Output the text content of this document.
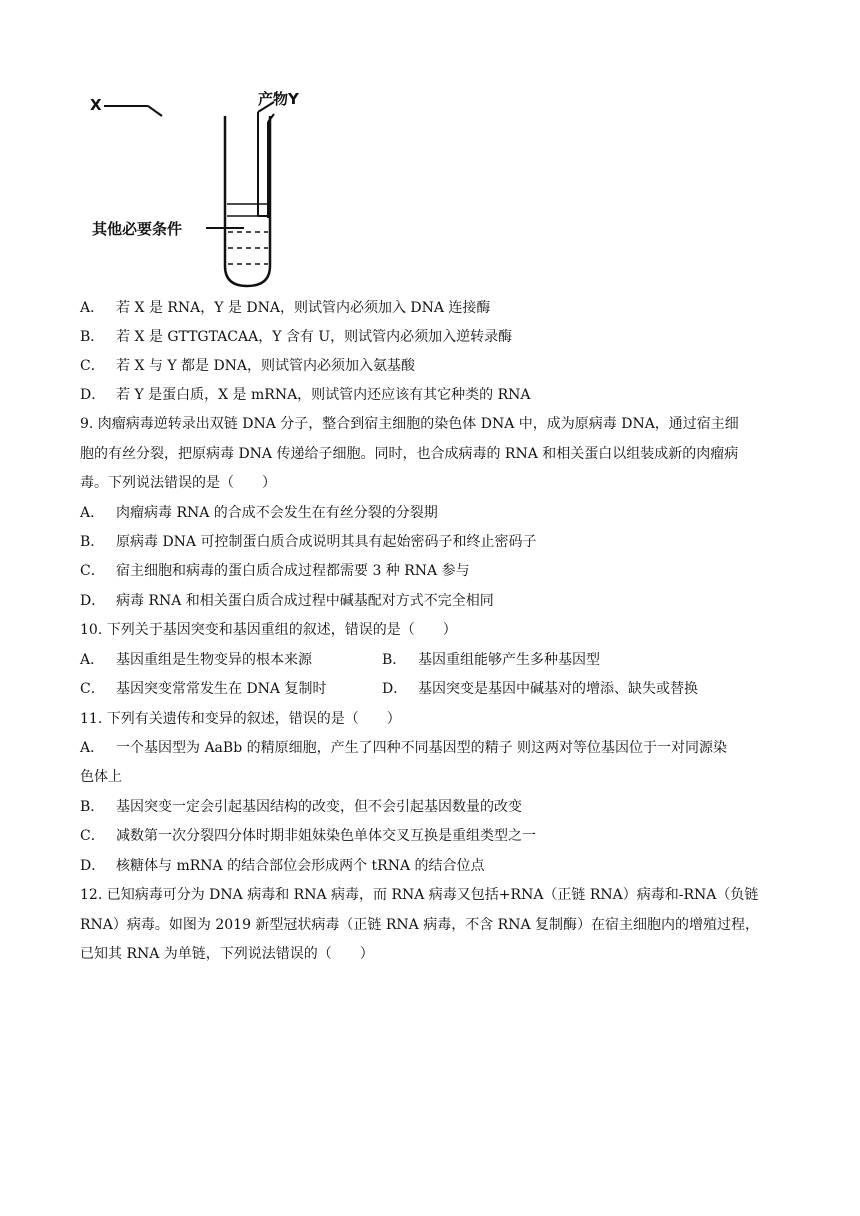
X	产物Y
其他必要条件
A． 若 X 是 RNA，Y 是 DNA，则试管内必须加入 DNA 连接酶
B． 若 X 是 GTTGTACAA，Y 含有 U，则试管内必须加入逆转录酶
C． 若 X 与 Y 都是 DNA，则试管内必须加入氨基酸
D． 若 Y 是蛋白质，X 是 mRNA，则试管内还应该有其它种类的 RNA
9. 肉瘤病毒逆转录出双链 DNA 分子，整合到宿主细胞的染色体 DNA 中，成为原病毒 DNA，通过宿主细
胞的有丝分裂，把原病毒 DNA 传递给子细胞。同时，也合成病毒的 RNA 和相关蛋白以组装成新的肉瘤病
毒。下列说法错误的是（　　）
A． 肉瘤病毒 RNA 的合成不会发生在有丝分裂的分裂期
B． 原病毒 DNA 可控制蛋白质合成说明其具有起始密码子和终止密码子
C． 宿主细胞和病毒的蛋白质合成过程都需要 3 种 RNA 参与
D． 病毒 RNA 和相关蛋白质合成过程中碱基配对方式不完全相同
10. 下列关于基因突变和基因重组的叙述，错误的是（　　）
A． 基因重组是生物变异的根本来源	B． 基因重组能够产生多种基因型
C． 基因突变常常发生在 DNA 复制时	D． 基因突变是基因中碱基对的增添、缺失或替换
11. 下列有关遗传和变异的叙述，错误的是（　　）
A． 一个基因型为 AaBb 的精原细胞，产生了四种不同基因型的精子 则这两对等位基因位于一对同源染
色体上
B． 基因突变一定会引起基因结构的改变，但不会引起基因数量的改变
C． 减数第一次分裂四分体时期非姐妹染色单体交叉互换是重组类型之一
D． 核糖体与 mRNA 的结合部位会形成两个 tRNA 的结合位点
12. 已知病毒可分为 DNA 病毒和 RNA 病毒，而 RNA 病毒又包括+RNA（正链 RNA）病毒和-RNA（负链
RNA）病毒。如图为 2019 新型冠状病毒（正链 RNA 病毒，不含 RNA 复制酶）在宿主细胞内的增殖过程，
已知其 RNA 为单链，下列说法错误的（　　）
